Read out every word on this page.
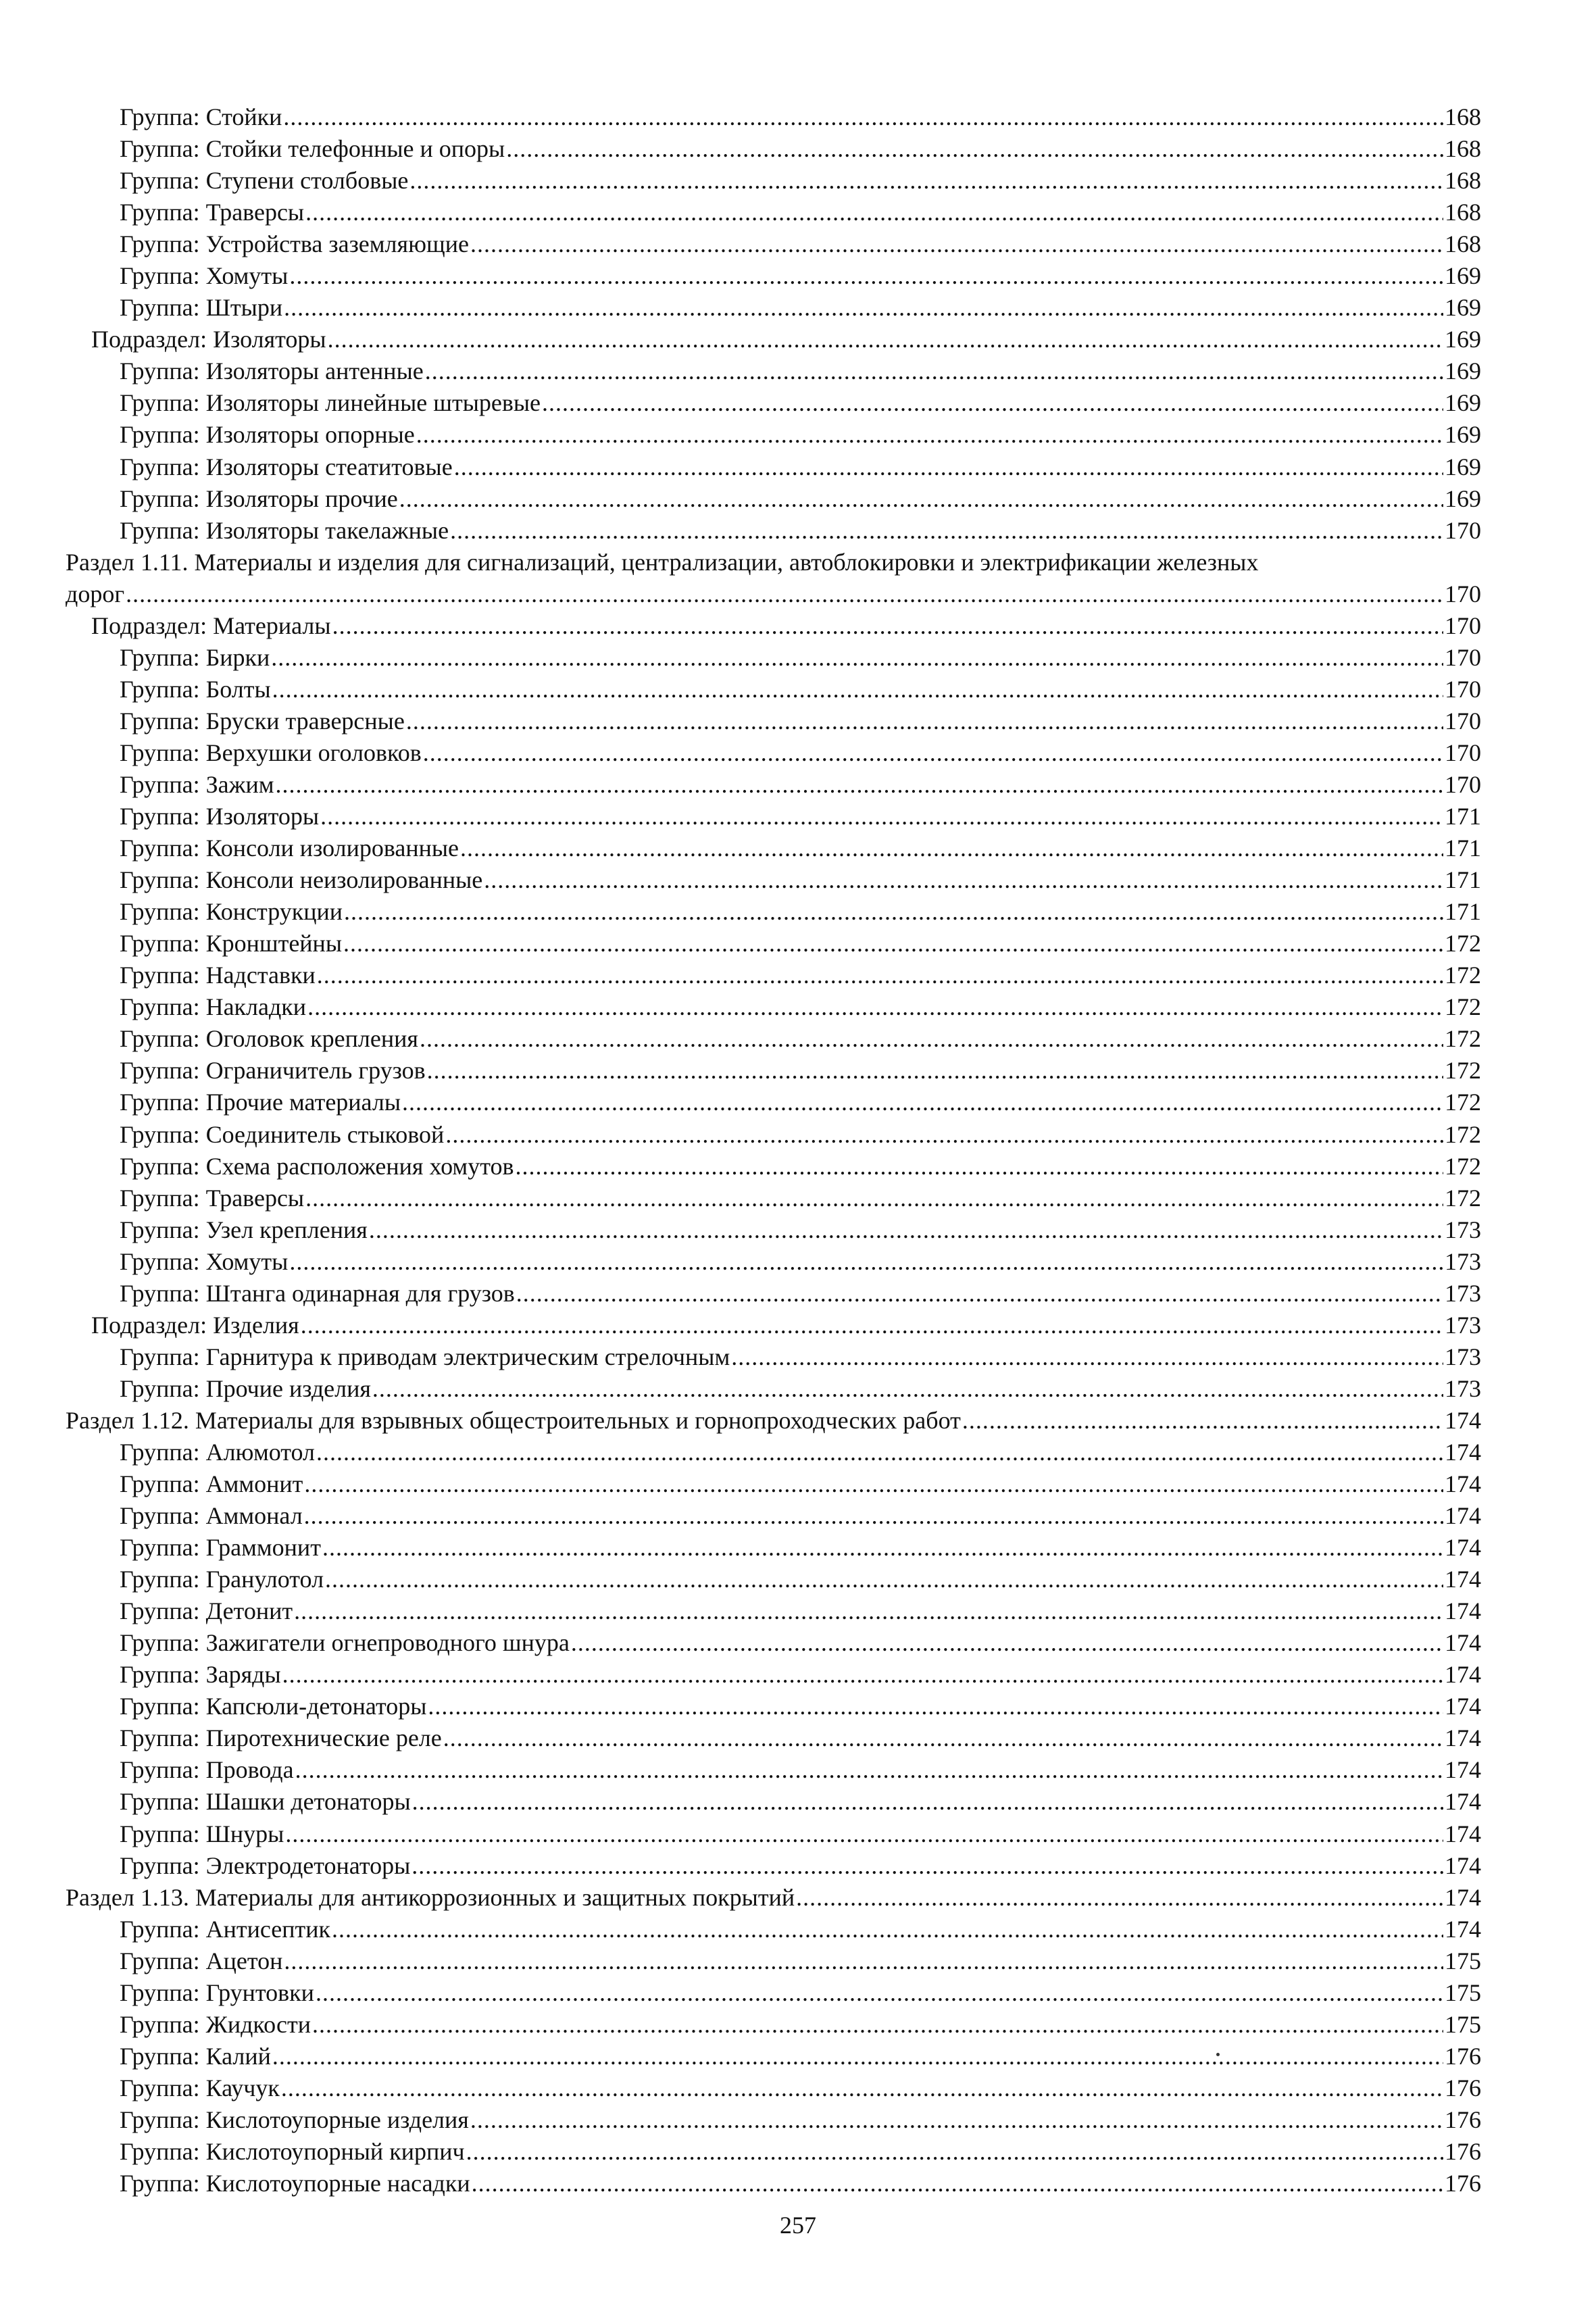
Группа: Стойки . . .	168
Группа: Стойки телефонные и опоры . . .	168
Группа: Ступени столбовые . . .	168
Группа: Траверсы . . .	168
Группа: Устройства заземляющие . . .	168
Группа: Хомуты . . .	169
Группа: Штыри . . .	169
Подраздел: Изоляторы . . .	169
Группа: Изоляторы антенные . . .	169
Группа: Изоляторы линейные штыревые . . .	169
Группа: Изоляторы опорные . . .	169
Группа: Изоляторы стеатитовые . . .	169
Группа: Изоляторы прочие . . .	169
Группа: Изоляторы такелажные . . .	170
Раздел 1.11. Материалы и изделия для сигнализаций, централизации, автоблокировки и электрификации железных
дорог . . .	170
Подраздел: Материалы . . .	170
Группа: Бирки . . .	170
Группа: Болты . . .	170
Группа: Бруски траверсные . . .	170
Группа: Верхушки оголовков . . .	170
Группа: Зажим . . .	170
Группа: Изоляторы . . .	171
Группа: Консоли изолированные . . .	171
Группа: Консоли неизолированные . . .	171
Группа: Конструкции . . .	171
Группа: Кронштейны . . .	172
Группа: Надставки . . .	172
Группа: Накладки . . .	172
Группа: Оголовок крепления . . .	172
Группа: Ограничитель грузов . . .	172
Группа: Прочие материалы . . .	172
Группа: Соединитель стыковой . . .	172
Группа: Схема расположения хомутов . . .	172
Группа: Траверсы . . .	172
Группа: Узел крепления . . .	173
Группа: Хомуты . . .	173
Группа: Штанга одинарная для грузов . . .	173
Подраздел: Изделия . . .	173
Группа: Гарнитура к приводам электрическим стрелочным . . .	173
Группа: Прочие изделия . . .	173
Раздел 1.12. Материалы для взрывных общестроительных и горнопроходческих работ . . .	174
Группа: Алюмотол . . .	174
Группа: Аммонит . . .	174
Группа: Аммонал . . .	174
Группа: Граммонит . . .	174
Группа: Гранулотол . . .	174
Группа: Детонит . . .	174
Группа: Зажигатели огнепроводного шнура . . .	174
Группа: Заряды . . .	174
Группа: Капсюли-детонаторы . . .	174
Группа: Пиротехнические реле . . .	174
Группа: Провода . . .	174
Группа: Шашки детонаторы . . .	174
Группа: Шнуры . . .	174
Группа: Электродетонаторы . . .	174
Раздел 1.13. Материалы для антикоррозионных и защитных покрытий . . .	174
Группа: Антисептик . . .	174
Группа: Ацетон . . .	175
Группа: Грунтовки . . .	175
Группа: Жидкости . . .	175
Группа: Калий . . .	176
Группа: Каучук . . .	176
Группа: Кислотоупорные изделия . . .	176
Группа: Кислотоупорный кирпич . . .	176
Группа: Кислотоупорные насадки . . .	176
257
